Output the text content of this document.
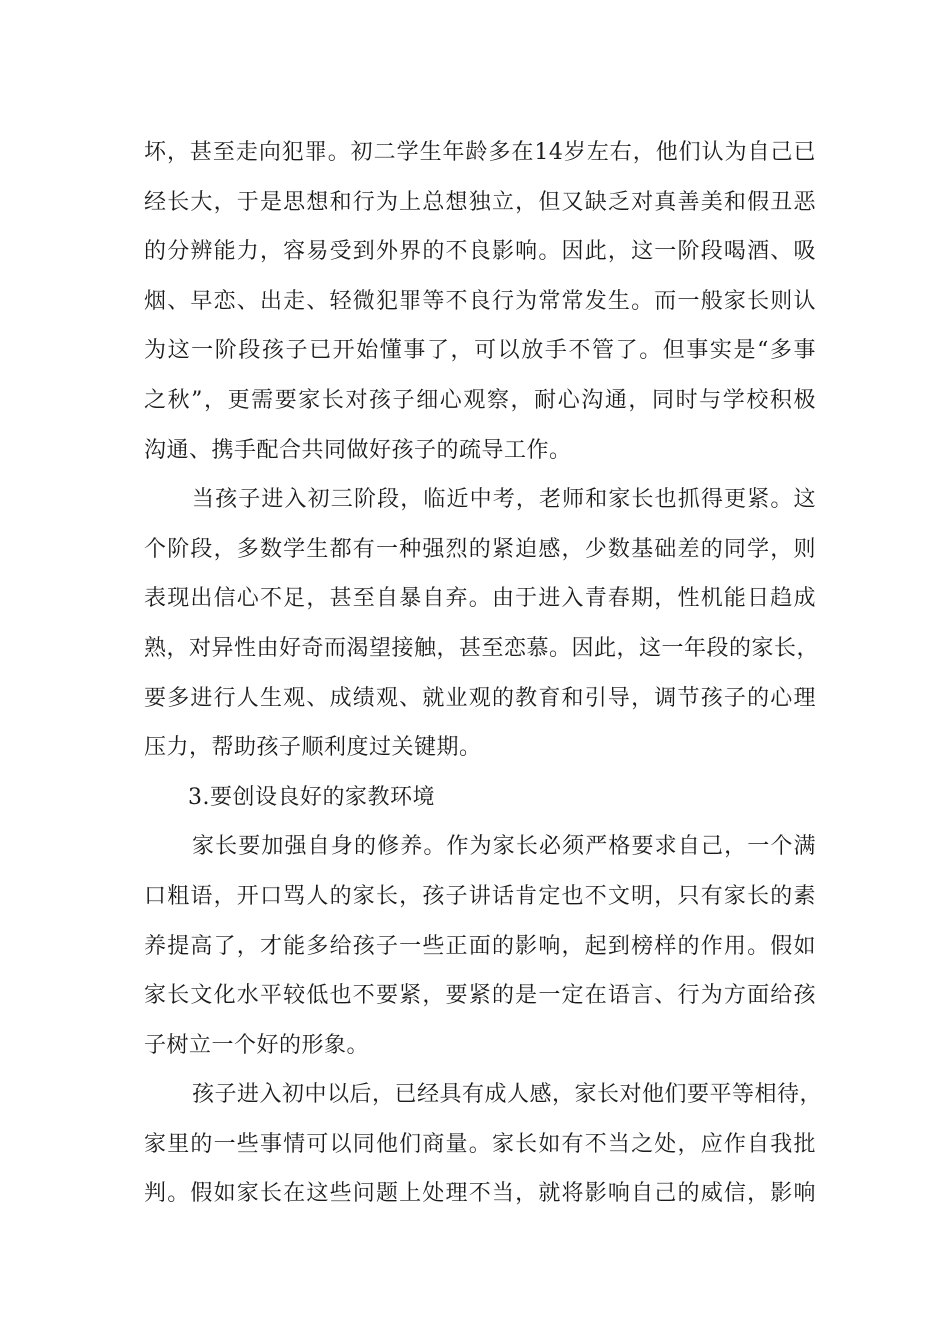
坏，甚至走向犯罪。初二学生年龄多在14岁左右，他们认为自己已
经长大，于是思想和行为上总想独立，但又缺乏对真善美和假丑恶
的分辨能力，容易受到外界的不良影响。因此，这一阶段喝酒、吸
烟、早恋、出走、轻微犯罪等不良行为常常发生。而一般家长则认
为这一阶段孩子已开始懂事了，可以放手不管了。但事实是“多事
之秋”，更需要家长对孩子细心观察，耐心沟通，同时与学校积极
沟通、携手配合共同做好孩子的疏导工作。
当孩子进入初三阶段，临近中考，老师和家长也抓得更紧。这
个阶段，多数学生都有一种强烈的紧迫感，少数基础差的同学，则
表现出信心不足，甚至自暴自弃。由于进入青春期，性机能日趋成
熟，对异性由好奇而渴望接触，甚至恋慕。因此，这一年段的家长，
要多进行人生观、成绩观、就业观的教育和引导，调节孩子的心理
压力，帮助孩子顺利度过关键期。
3.要创设良好的家教环境
家长要加强自身的修养。作为家长必须严格要求自己，一个满
口粗语，开口骂人的家长，孩子讲话肯定也不文明，只有家长的素
养提高了，才能多给孩子一些正面的影响，起到榜样的作用。假如
家长文化水平较低也不要紧，要紧的是一定在语言、行为方面给孩
子树立一个好的形象。
孩子进入初中以后，已经具有成人感，家长对他们要平等相待，
家里的一些事情可以同他们商量。家长如有不当之处，应作自我批
判。假如家长在这些问题上处理不当，就将影响自己的威信，影响
